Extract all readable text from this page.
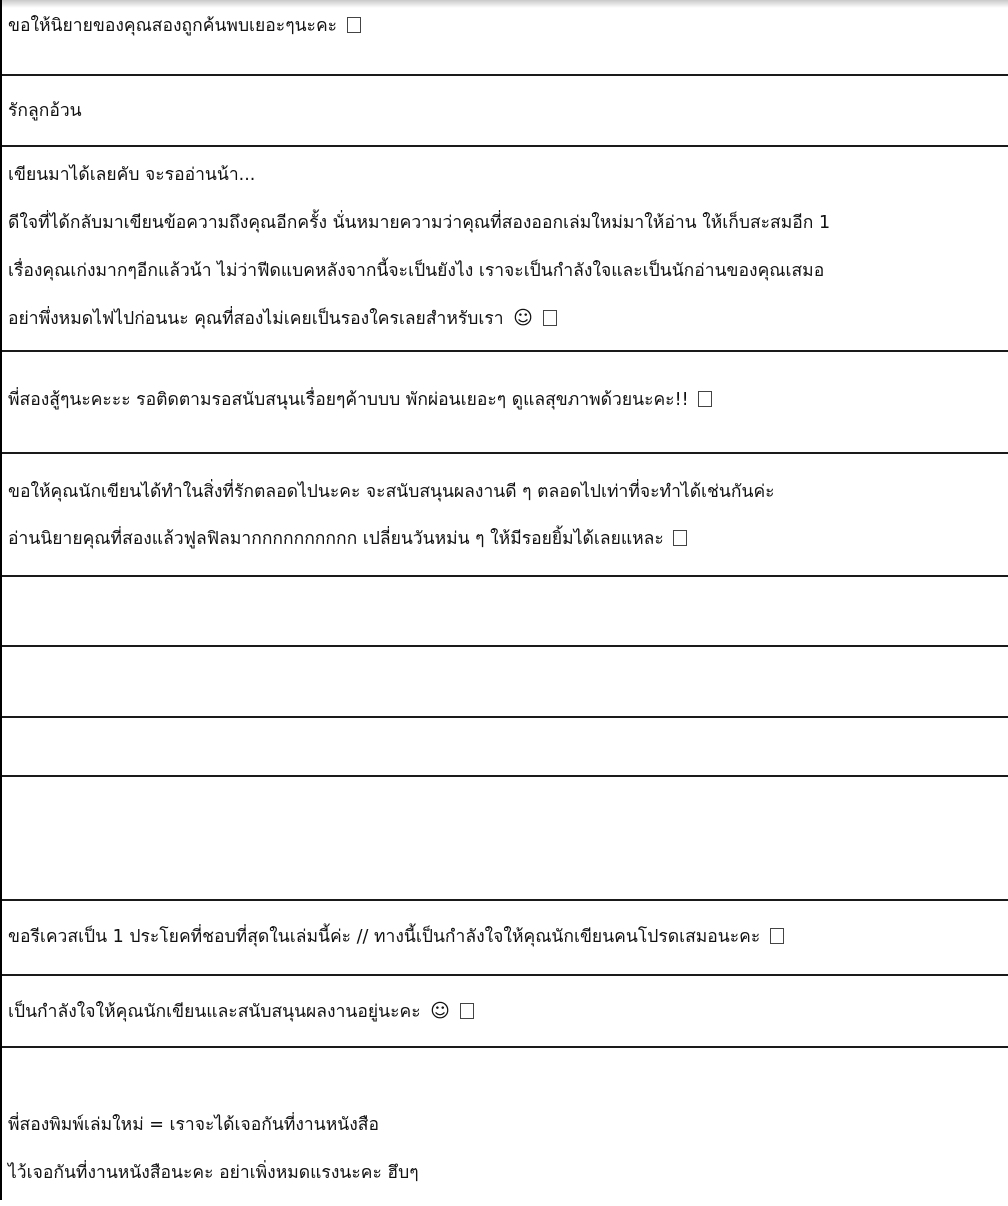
ขอให้นิยายของคุณสองถูกค้นพบเยอะๆนะคะ
รักลูกอ้วน
เขียนมาได้เลยคับ จะรออ่านน้า...
ดีใจที่ได้กลับมาเขียนข้อความถึงคุณอีกครั้ง นั่นหมายความว่าคุณที่สองออกเล่มใหม่มาให้อ่าน ให้เก็บสะสมอีก 1
เรื่องคุณเก่งมากๆอีกแล้วน้า ไม่ว่าฟีดแบคหลังจากนี้จะเป็นยังไง เราจะเป็นกำลังใจและเป็นนักอ่านของคุณเสมอ
อย่าพึ่งหมดไฟไปก่อนนะ คุณที่สองไม่เคยเป็นรองใครเลยสำหรับเรา ☺
พี่สองสู้ๆนะคะะะ รอติดตามรอสนับสนุนเรื่อยๆค้าบบบ พักผ่อนเยอะๆ ดูแลสุขภาพด้วยนะคะ!!
ขอให้คุณนักเขียนได้ทำในสิ่งที่รักตลอดไปนะคะ จะสนับสนุนผลงานดี ๆ ตลอดไปเท่าที่จะทำได้เช่นกันค่ะ
อ่านนิยายคุณที่สองแล้วฟูลฟิลมากกกกกกกกกก เปลี่ยนวันหม่น ๆ ให้มีรอยยิ้มได้เลยแหละ
ขอรีเควสเป็น 1 ประโยคที่ชอบที่สุดในเล่มนี้ค่ะ // ทางนี้เป็นกำลังใจให้คุณนักเขียนคนโปรดเสมอนะคะ
เป็นกำลังใจให้คุณนักเขียนและสนับสนุนผลงานอยู่นะคะ ☺
พี่สองพิมพ์เล่มใหม่ = เราจะได้เจอกันที่งานหนังสือ
ไว้เจอกันที่งานหนังสือนะคะ อย่าเพิ่งหมดแรงนะคะ ฮึบๆ
